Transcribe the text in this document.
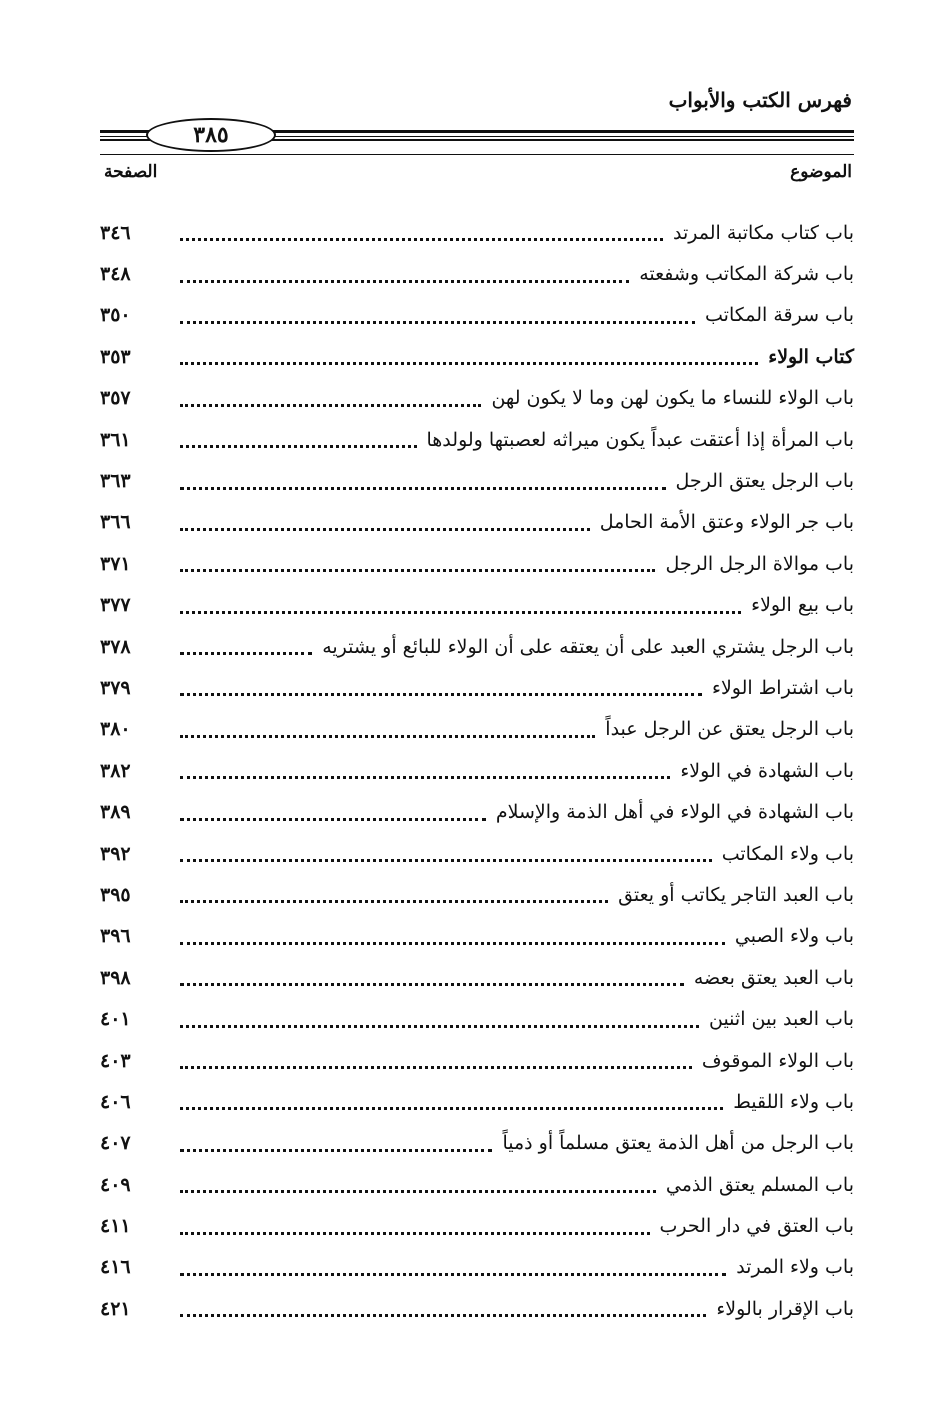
فهرس الكتب والأبواب
٣٨٥
الموضوع
الصفحة
باب كتاب مكاتبة المرتد
٣٤٦
باب شركة المكاتب وشفعته
٣٤٨
باب سرقة المكاتب
٣٥٠
كتاب الولاء
٣٥٣
باب الولاء للنساء ما يكون لهن وما لا يكون لهن
٣٥٧
باب المرأة إذا أعتقت عبداً يكون ميراثه لعصبتها ولولدها
٣٦١
باب الرجل يعتق الرجل
٣٦٣
باب جر الولاء وعتق الأمة الحامل
٣٦٦
باب موالاة الرجل الرجل
٣٧١
باب بيع الولاء
٣٧٧
باب الرجل يشتري العبد على أن يعتقه على أن الولاء للبائع أو يشتريه
٣٧٨
باب اشتراط الولاء
٣٧٩
باب الرجل يعتق عن الرجل عبداً
٣٨٠
باب الشهادة في الولاء
٣٨٢
باب الشهادة في الولاء في أهل الذمة والإسلام
٣٨٩
باب ولاء المكاتب
٣٩٢
باب العبد التاجر يكاتب أو يعتق
٣٩٥
باب ولاء الصبي
٣٩٦
باب العبد يعتق بعضه
٣٩٨
باب العبد بين اثنين
٤٠١
باب الولاء الموقوف
٤٠٣
باب ولاء اللقيط
٤٠٦
باب الرجل من أهل الذمة يعتق مسلماً أو ذمياً
٤٠٧
باب المسلم يعتق الذمي
٤٠٩
باب العتق في دار الحرب
٤١١
باب ولاء المرتد
٤١٦
باب الإقرار بالولاء
٤٢١
